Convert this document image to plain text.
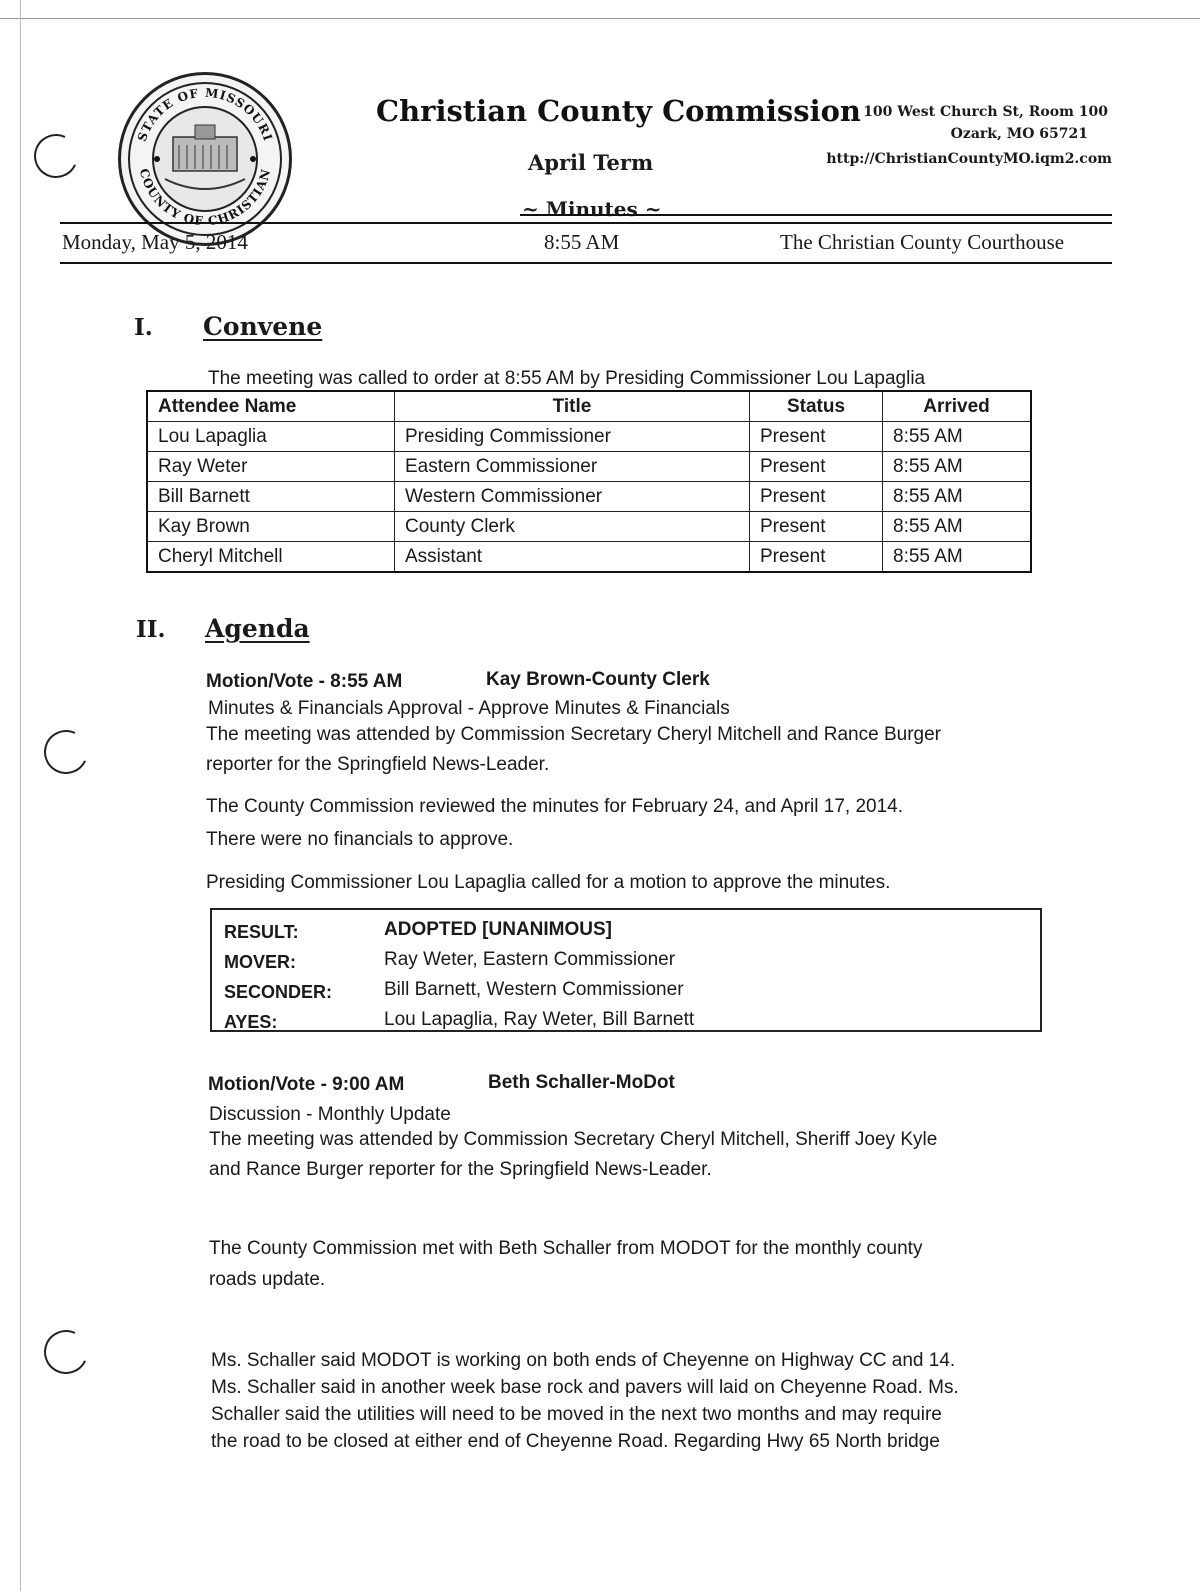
STATE OF MISSOURI
COUNTY OF CHRISTIAN
Christian County Commission
April Term
~ Minutes ~
100 West Church St, Room 100
Ozark, MO 65721
http://ChristianCountyMO.iqm2.com
Monday, May 5, 2014	8:55 AM	The Christian County Courthouse
I. Convene
The meeting was called to order at 8:55 AM by Presiding Commissioner Lou Lapaglia
Attendee Name	Title	Status	Arrived
Lou Lapaglia	Presiding Commissioner	Present	8:55 AM
Ray Weter	Eastern Commissioner	Present	8:55 AM
Bill Barnett	Western Commissioner	Present	8:55 AM
Kay Brown	County Clerk	Present	8:55 AM
Cheryl Mitchell	Assistant	Present	8:55 AM
II. Agenda
Motion/Vote - 8:55 AM	Kay Brown-County Clerk
Minutes & Financials Approval - Approve Minutes & Financials
The meeting was attended by Commission Secretary Cheryl Mitchell and Rance Burger
reporter for the Springfield News-Leader.
The County Commission reviewed the minutes for February 24, and April 17, 2014.
There were no financials to approve.
Presiding Commissioner Lou Lapaglia called for a motion to approve the minutes.
RESULT:	ADOPTED [UNANIMOUS]
MOVER:	Ray Weter, Eastern Commissioner
SECONDER:	Bill Barnett, Western Commissioner
AYES:	Lou Lapaglia, Ray Weter, Bill Barnett
Motion/Vote - 9:00 AM	Beth Schaller-MoDot
Discussion - Monthly Update
The meeting was attended by Commission Secretary Cheryl Mitchell, Sheriff Joey Kyle
and Rance Burger reporter for the Springfield News-Leader.
The County Commission met with Beth Schaller from MODOT for the monthly county
roads update.
Ms. Schaller said MODOT is working on both ends of Cheyenne on Highway CC and 14.
Ms. Schaller said in another week base rock and pavers will laid on Cheyenne Road. Ms.
Schaller said the utilities will need to be moved in the next two months and may require
the road to be closed at either end of Cheyenne Road. Regarding Hwy 65 North bridge
